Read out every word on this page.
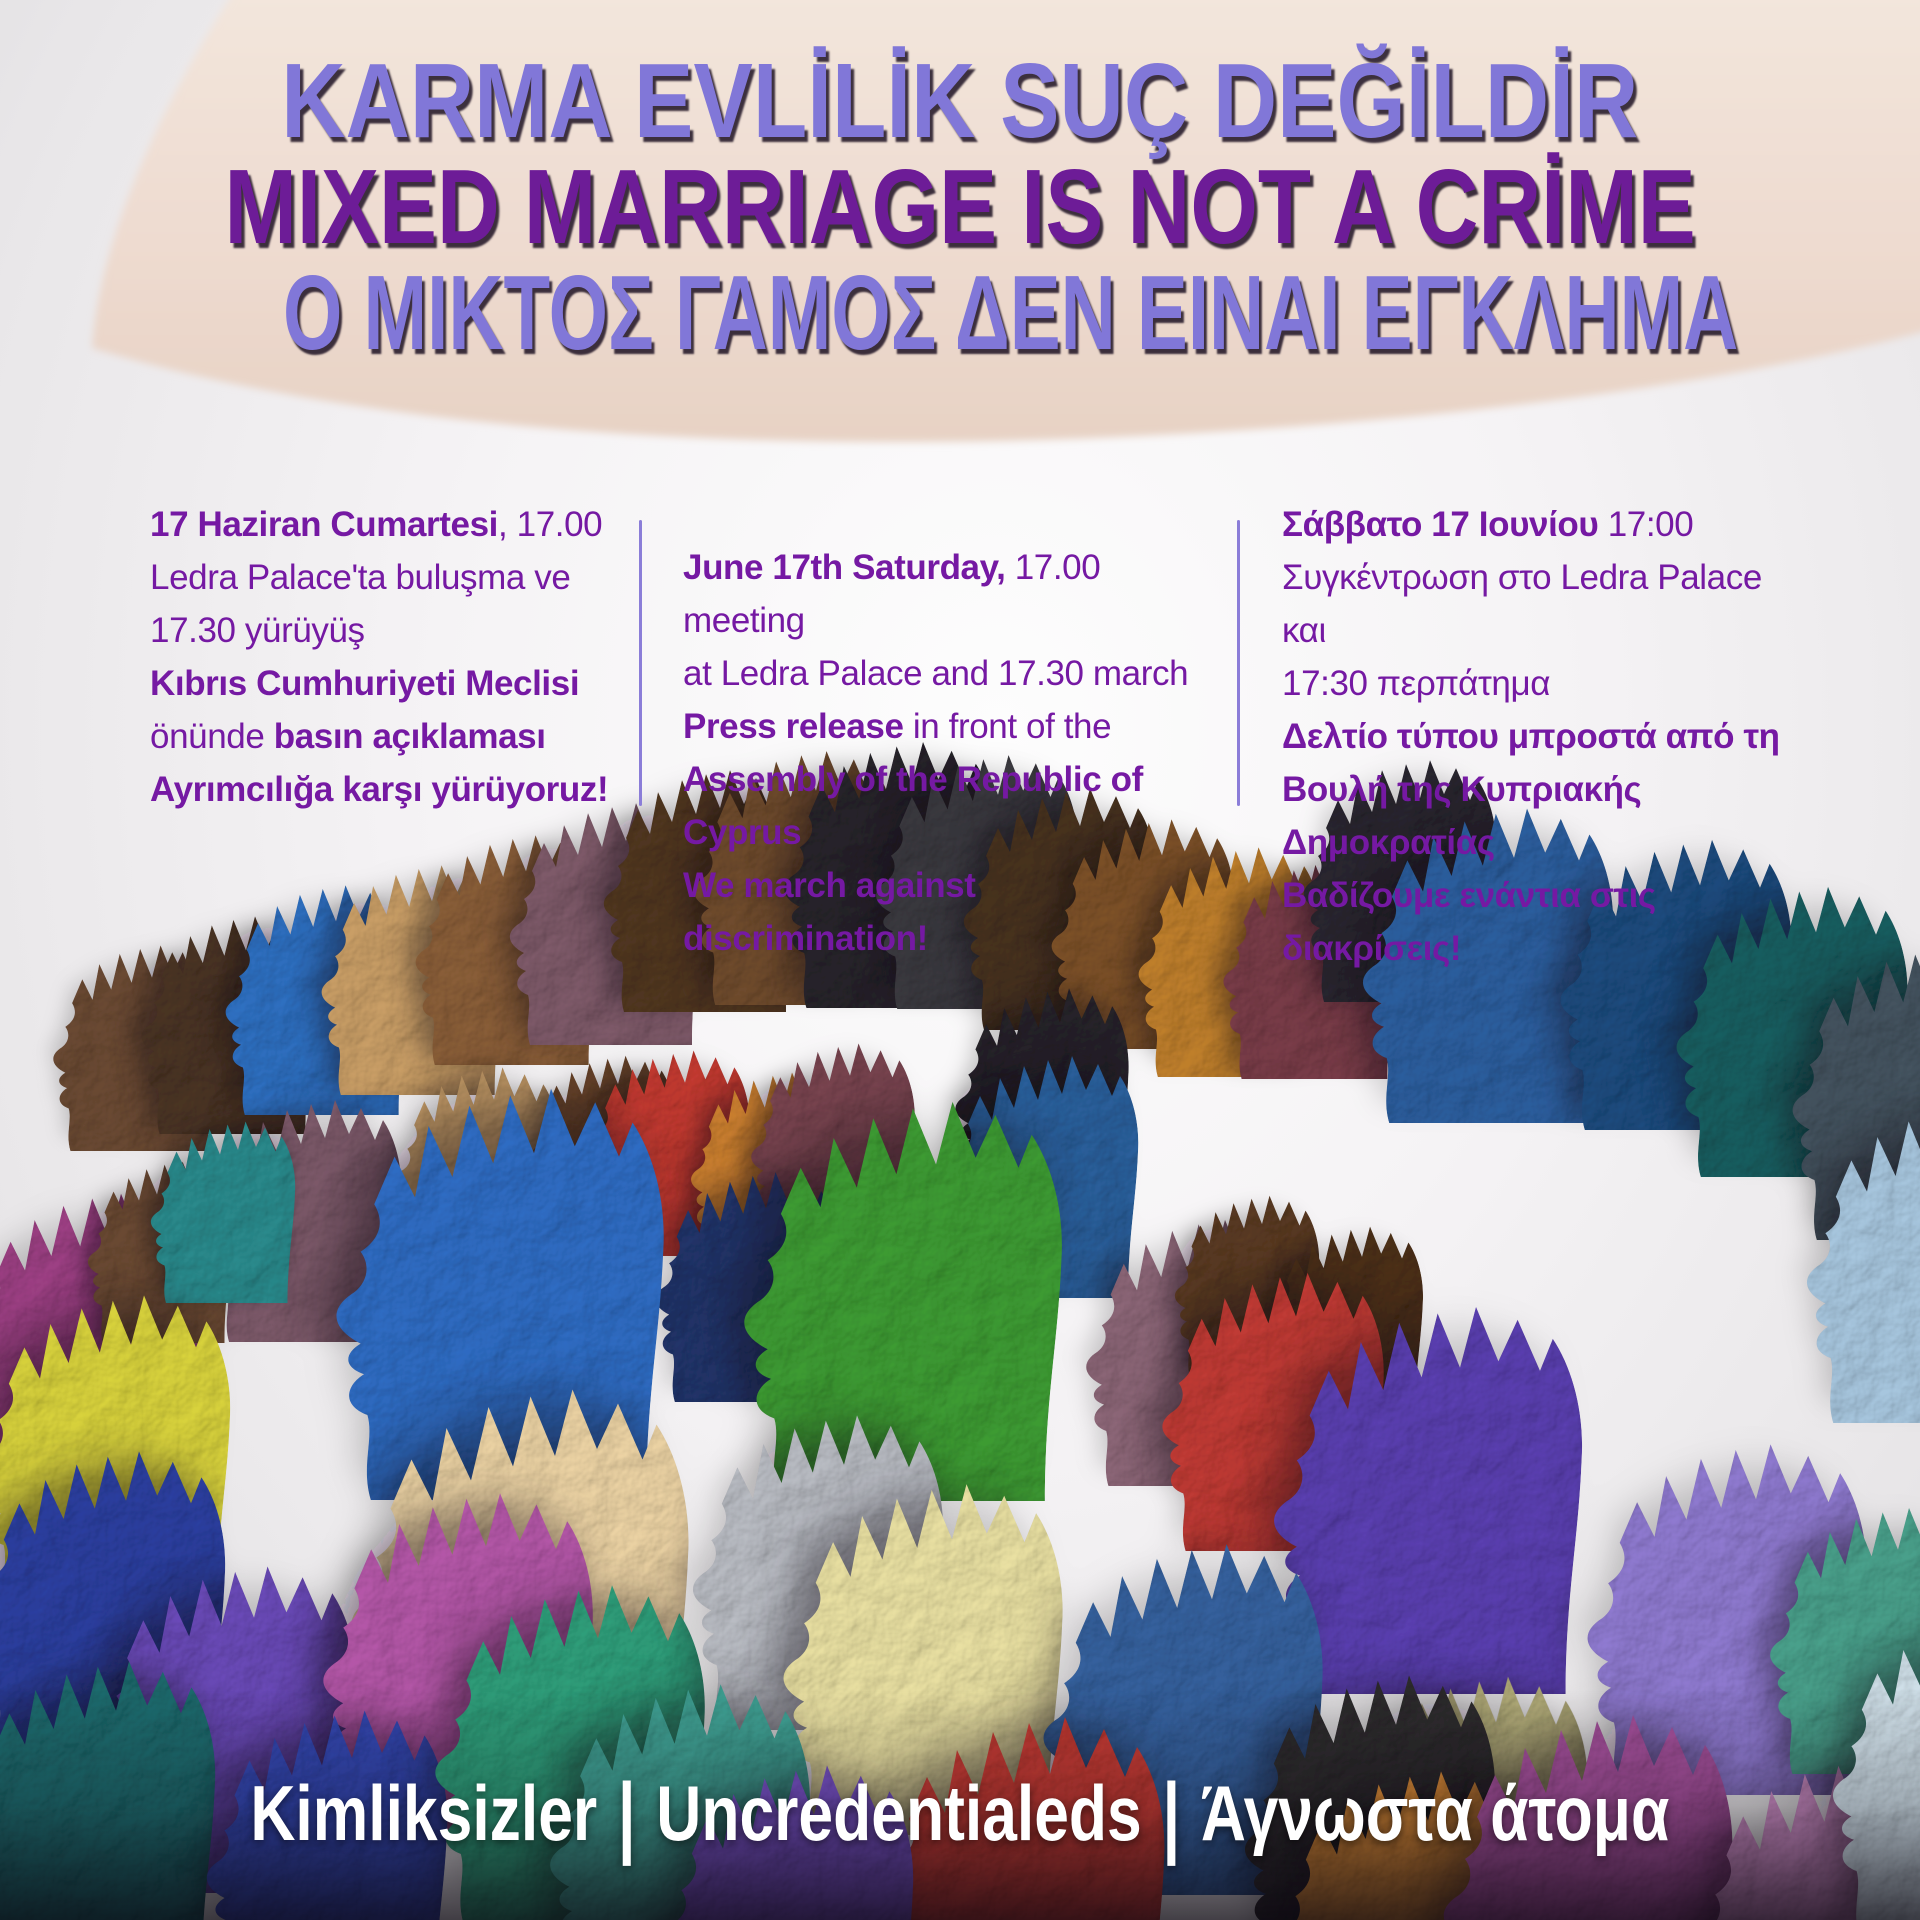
KARMA EVLİLİK SUÇ DEĞİLDİR
MIXED MARRIAGE IS NOT A CRİME
Ο ΜΙΚΤΟΣ ΓΑΜΟΣ ΔΕΝ ΕΙΝΑΙ ΕΓΚΛΗΜΑ
17 Haziran Cumartesi, 17.00
Ledra Palace'ta buluşma ve
17.30 yürüyüş
Kıbrıs Cumhuriyeti Meclisi
önünde basın açıklaması
Ayrımcılığa karşı yürüyoruz!
June 17th Saturday, 17.00 meeting
at Ledra Palace and 17.30 march
Press release in front of the
Assembly of the Republic of Cyprus
We march against discrimination!
Σάββατο 17 Ιουνίου 17:00
Συγκέντρωση στο Ledra Palace και
17:30 περπάτημα
Δελτίο τύπου μπροστά από τη
Βουλή της Κυπριακής Δημοκρατίας
Βαδίζουμε ενάντια στις διακρίσεις!
Kimliksizler | Uncredentialeds | Άγνωστα άτομα
